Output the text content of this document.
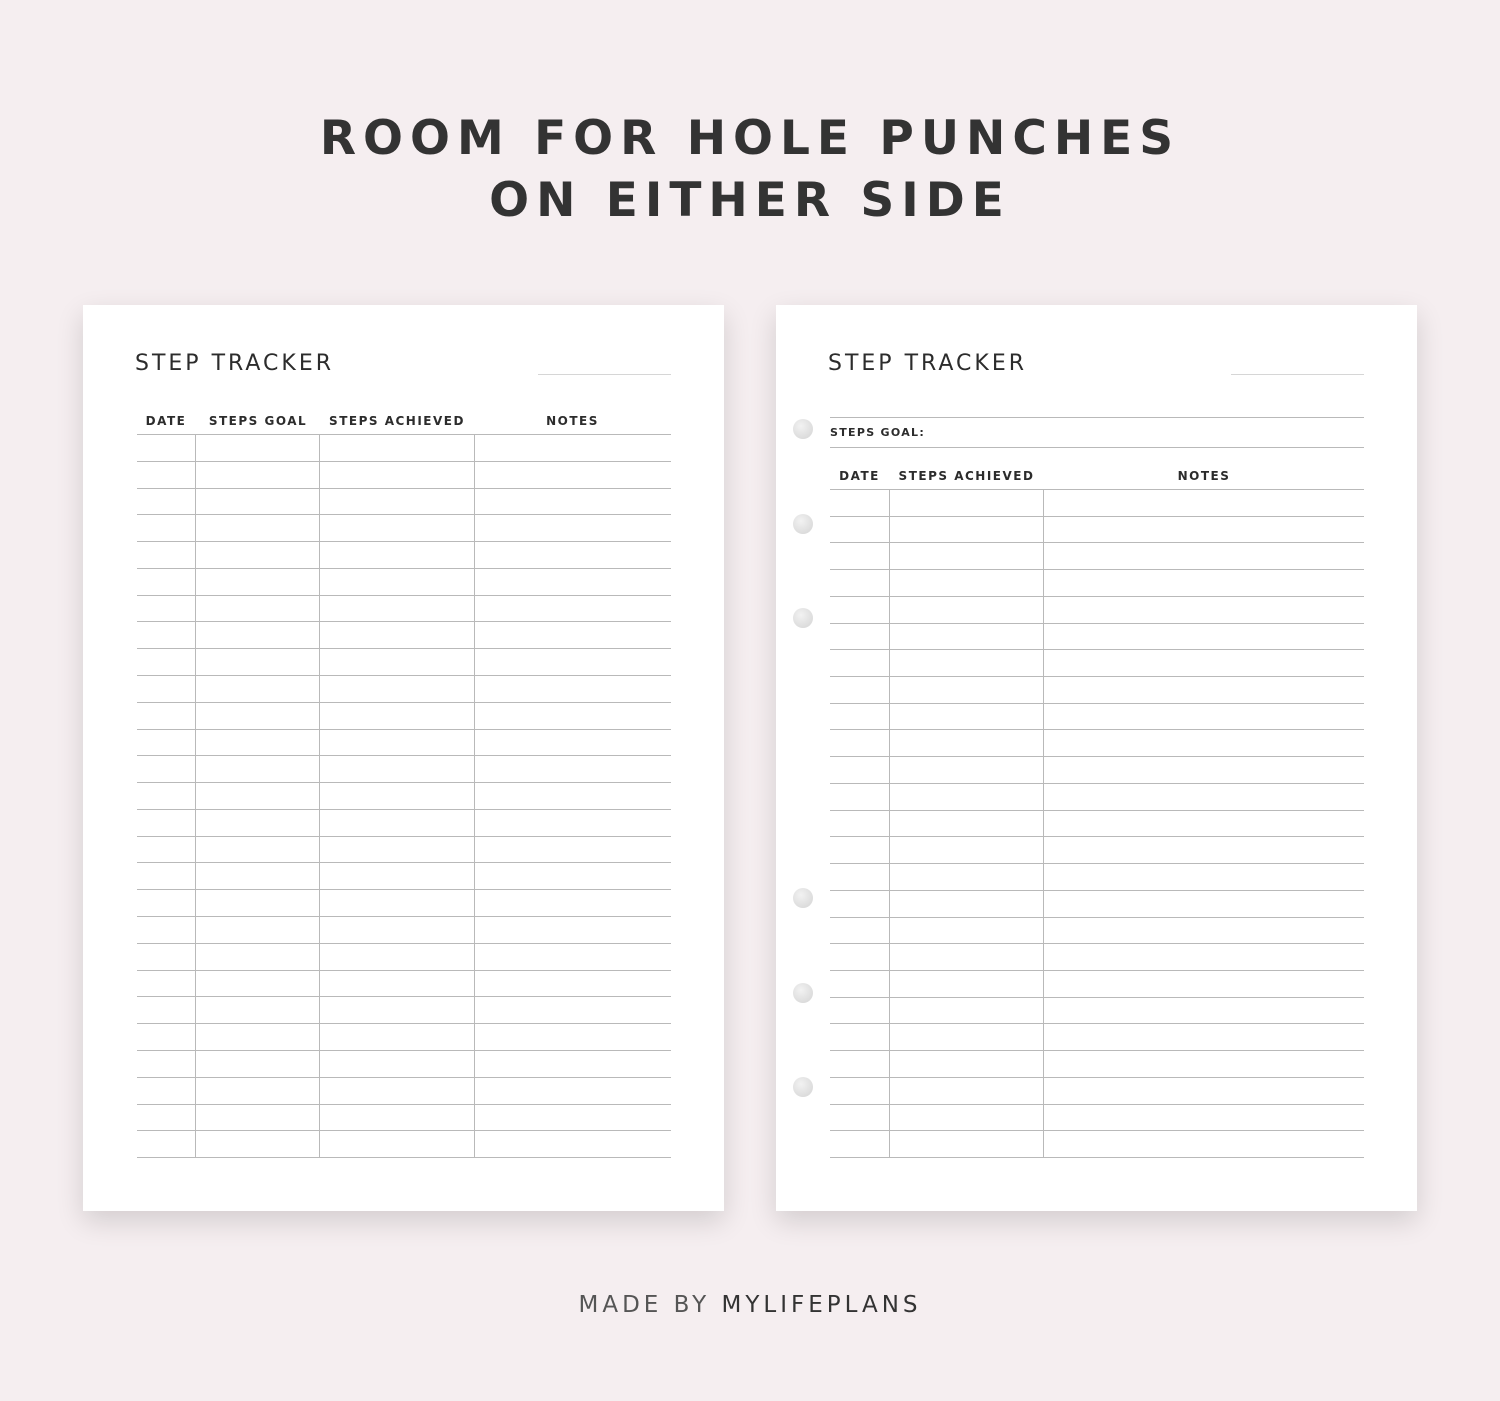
ROOM FOR HOLE PUNCHES
ON EITHER SIDE
STEP TRACKER
DATE	STEPS GOAL	STEPS ACHIEVED	NOTES
STEP TRACKER
STEPS GOAL:
DATE	STEPS ACHIEVED	NOTES
MADE BY MYLIFEPLANS
